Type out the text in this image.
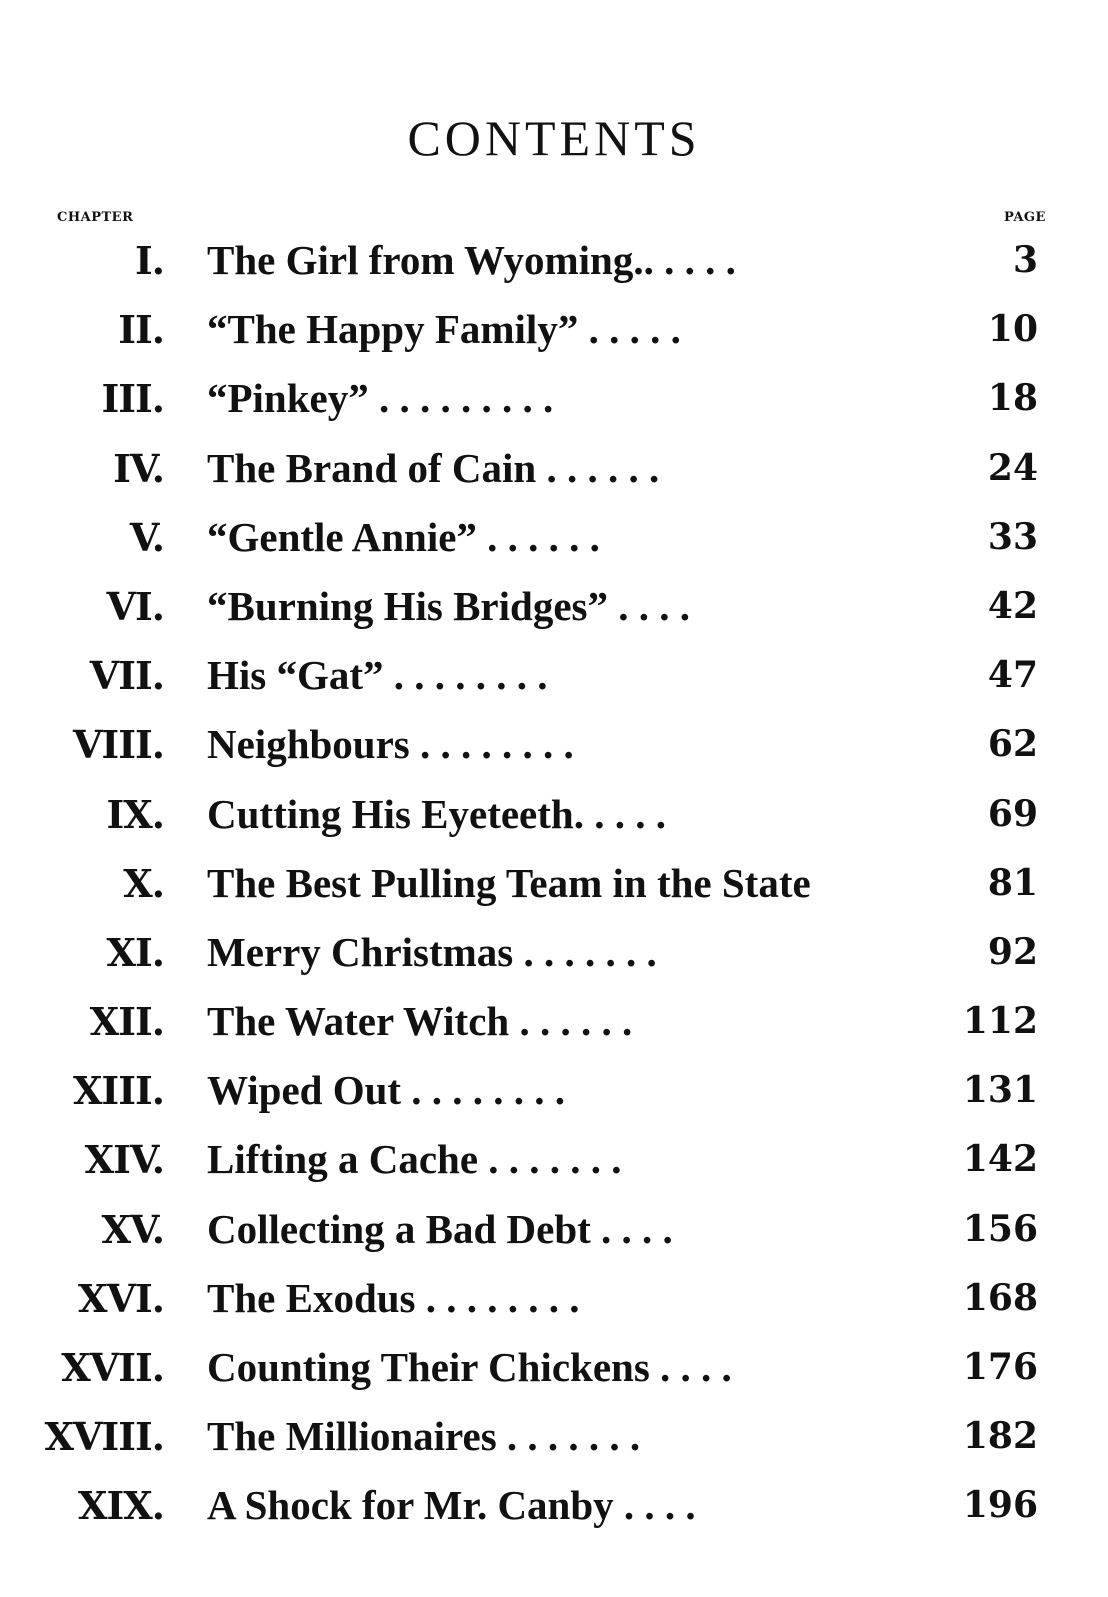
CONTENTS
CHAPTER	PAGE
I. The Girl from Wyoming.. . . . .	3
II. “The Happy Family” . . . . .	10
III. “Pinkey” . . . . . . . . .	18
IV. The Brand of Cain . . . . . .	24
V. “Gentle Annie” . . . . . .	33
VI. “Burning His Bridges” . . . .	42
VII. His “Gat” . . . . . . . .	47
VIII. Neighbours . . . . . . . .	62
IX. Cutting His Eyeteeth. . . . .	69
X. The Best Pulling Team in the State	81
XI. Merry Christmas . . . . . . .	92
XII. The Water Witch . . . . . .	112
XIII. Wiped Out . . . . . . . .	131
XIV. Lifting a Cache . . . . . . .	142
XV. Collecting a Bad Debt . . . .	156
XVI. The Exodus . . . . . . . .	168
XVII. Counting Their Chickens . . . .	176
XVIII. The Millionaires . . . . . . .	182
XIX. A Shock for Mr. Canby . . . .	196
